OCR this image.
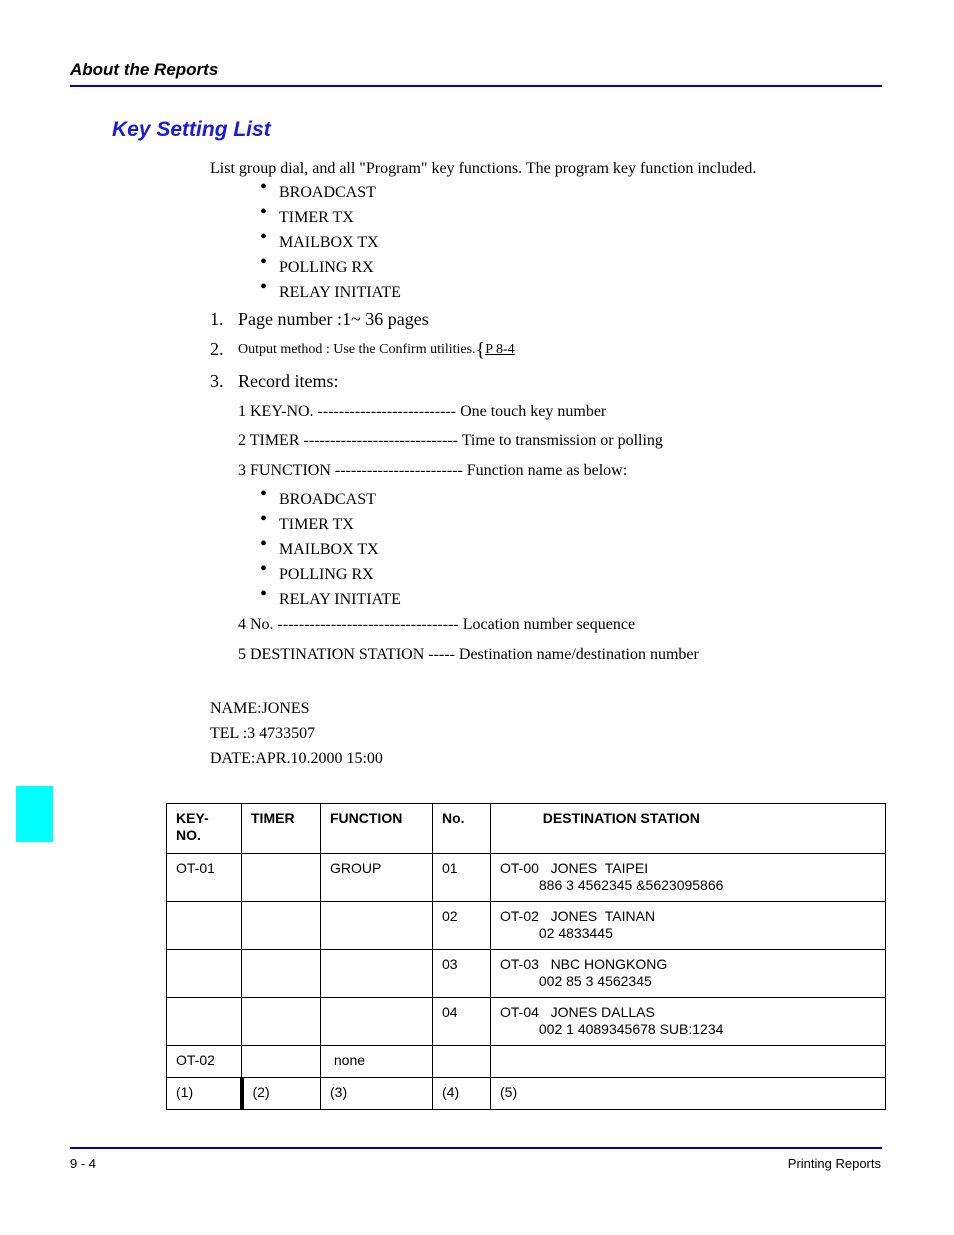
About the Reports
Key Setting List
List group dial, and all "Program" key functions. The program key function included.
• BROADCAST
• TIMER TX
• MAILBOX TX
• POLLING RX
• RELAY INITIATE
1. Page number :1~ 36 pages
2. Output method : Use the Confirm utilities.{P 8-4
3. Record items:
1 KEY-NO. -------------------------- One touch key number
2 TIMER ----------------------------- Time to transmission or polling
3 FUNCTION ------------------------ Function name as below:
• BROADCAST
• TIMER TX
• MAILBOX TX
• POLLING RX
• RELAY INITIATE
4 No. ---------------------------------- Location number sequence
5 DESTINATION STATION ----- Destination name/destination number
NAME:JONES
TEL :3 4733507
DATE:APR.10.2000 15:00
KEY-
NO.	TIMER	FUNCTION	No.	DESTINATION STATION
OT-01		GROUP	01	OT-00   JONES  TAIPEI
886 3 4562345 &5623095866
			02	OT-02   JONES  TAINAN
02 4833445
			03	OT-03   NBC HONGKONG
002 85 3 4562345
			04	OT-04   JONES DALLAS
002 1 4089345678 SUB:1234
OT-02		none		
(1)	(2)	(3)	(4)	(5)
9 - 4	Printing Reports
